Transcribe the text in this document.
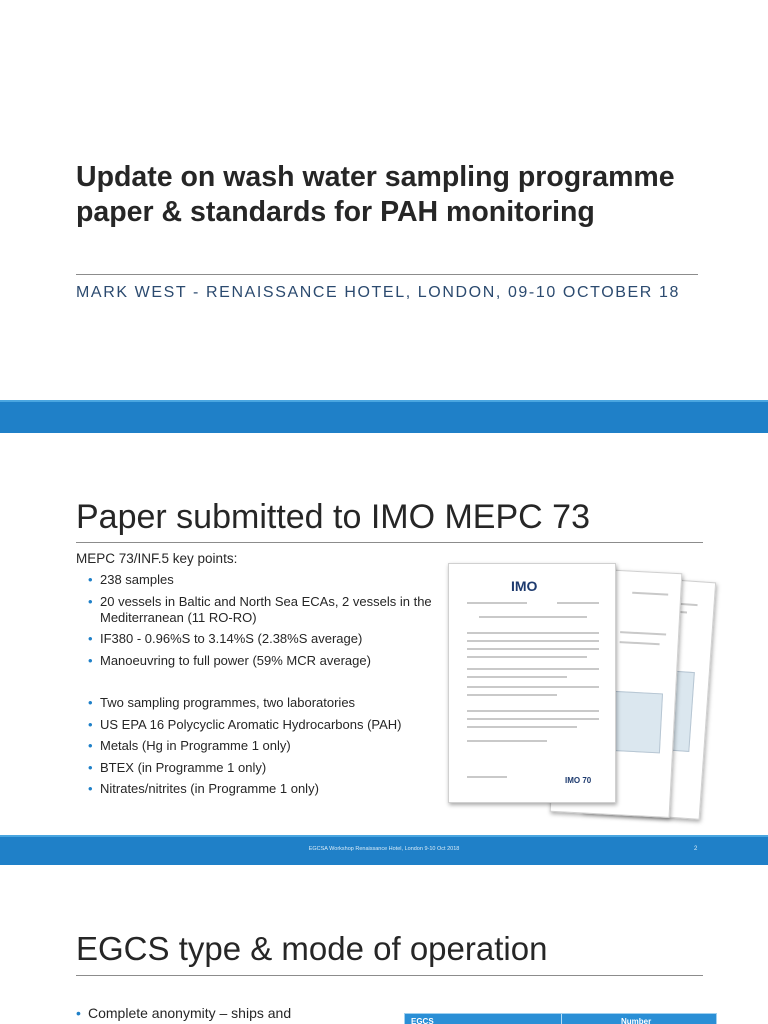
Update on wash water sampling programme paper & standards for PAH monitoring
MARK WEST - RENAISSANCE HOTEL, LONDON, 09-10 OCTOBER 18
Paper submitted to IMO MEPC 73
MEPC 73/INF.5 key points:
• 238 samples
• 20 vessels in Baltic and North Sea ECAs, 2 vessels in the Mediterranean (11 RO-RO)
• IF380 - 0.96%S to 3.14%S (2.38%S average)
• Manoeuvring to full power (59% MCR average)
• Two sampling programmes, two laboratories
• US EPA 16 Polycyclic Aromatic Hydrocarbons (PAH)
• Metals (Hg in Programme 1 only)
• BTEX (in Programme 1 only)
• Nitrates/nitrites (in Programme 1 only)
IMO
IMO 70
EGCSA Workshop Renaissance Hotel, London 9-10 Oct 2018	2
EGCS type & mode of operation
• Complete anonymity – ships and
EGCS	Number
